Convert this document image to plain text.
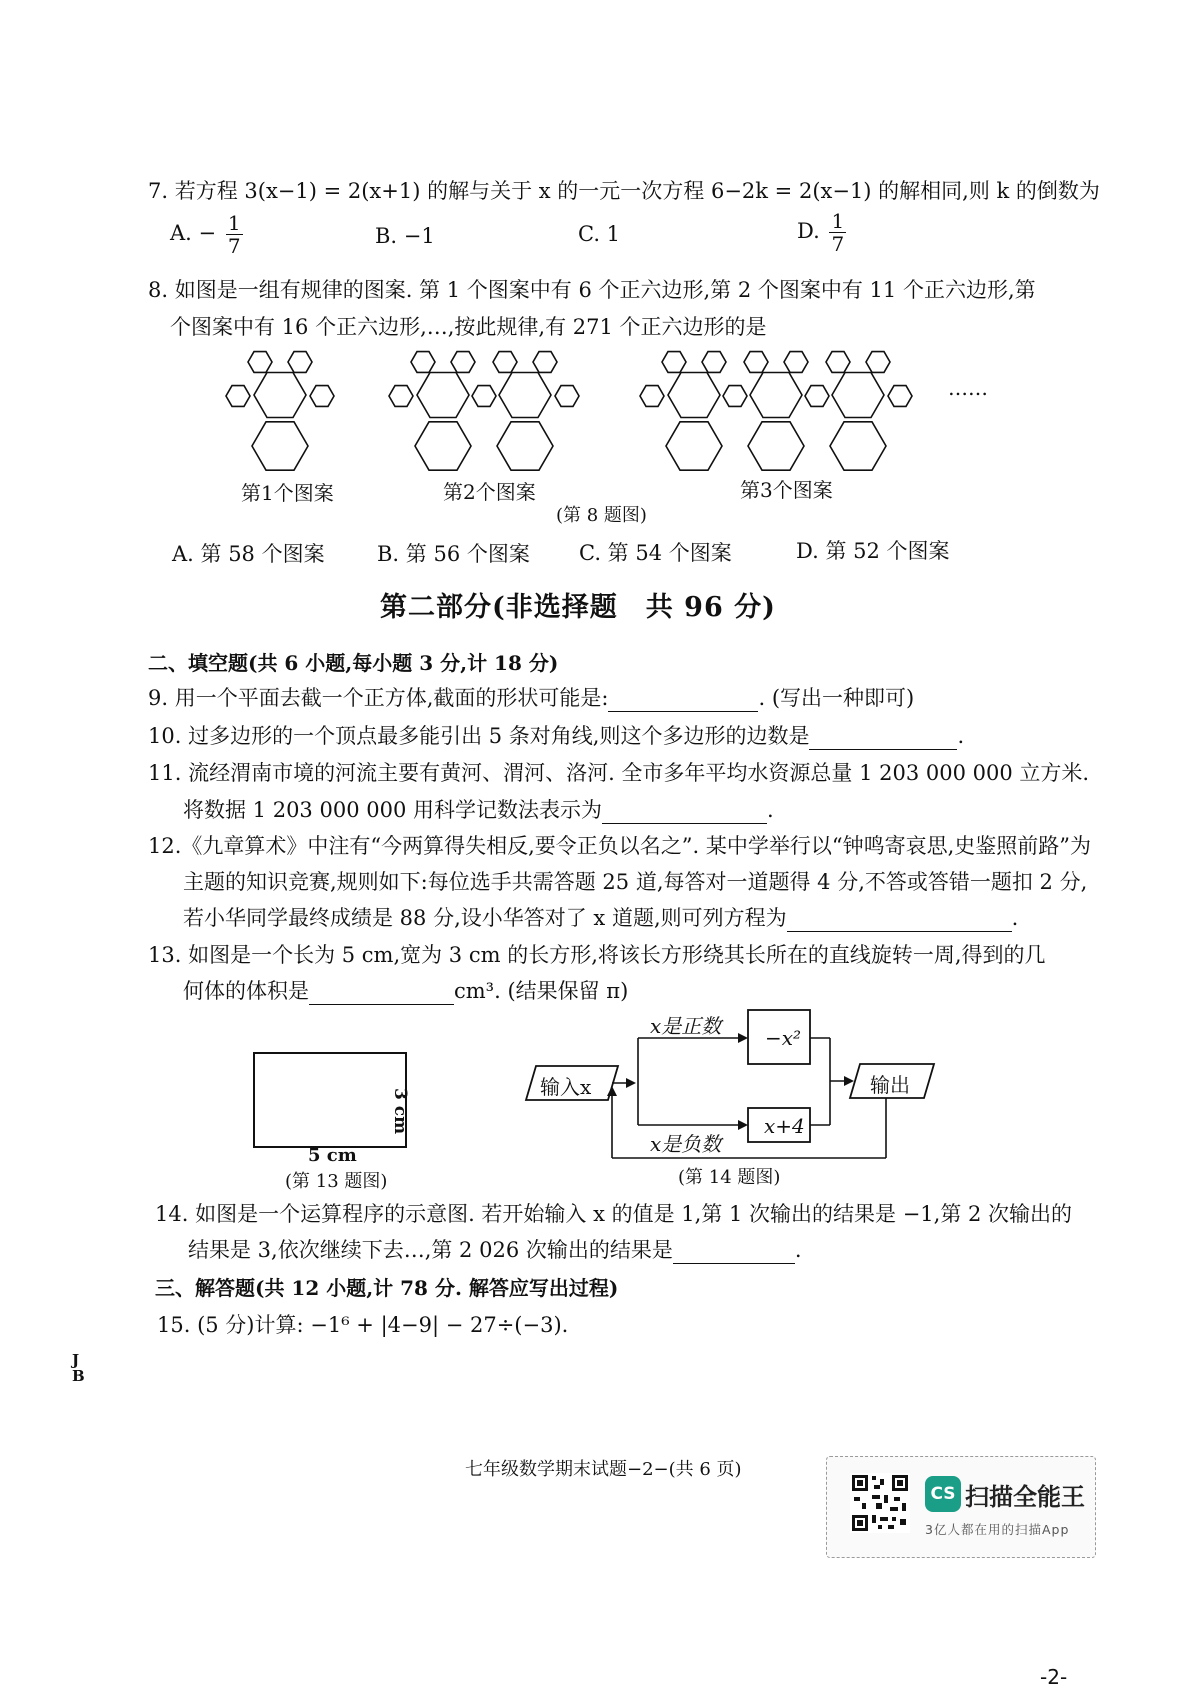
7. 若方程 3(x−1) = 2(x+1) 的解与关于 x 的一元一次方程 6−2k = 2(x−1) 的解相同,则 k 的倒数为
A. − $\frac{1}{7}$	B. −1	C. 1	D. $\frac{1}{7}$
8. 如图是一组有规律的图案. 第 1 个图案中有 6 个正六边形,第 2 个图案中有 11 个正六边形,第
个图案中有 16 个正六边形,…,按此规律,有 271 个正六边形的是
……
第1个图案	第2个图案	第3个图案
(第 8 题图)
A. 第 58 个图案 B. 第 56 个图案 C. 第 54 个图案	D. 第 52 个图案
第二部分(非选择题　共 96 分)
二、填空题(共 6 小题,每小题 3 分,计 18 分)
9. 用一个平面去截一个正方体,截面的形状可能是:	. (写出一种即可)
10. 过多边形的一个顶点最多能引出 5 条对角线,则这个多边形的边数是	.
11. 流经渭南市境的河流主要有黄河、渭河、洛河. 全市多年平均水资源总量 1 203 000 000 立方米.
将数据 1 203 000 000 用科学记数法表示为	.
12.《九章算术》中注有“今两算得失相反,要令正负以名之”. 某中学举行以“钟鸣寄哀思,史鉴照前路”为
主题的知识竞赛,规则如下:每位选手共需答题 25 道,每答对一道题得 4 分,不答或答错一题扣 2 分,
若小华同学最终成绩是 88 分,设小华答对了 x 道题,则可列方程为	.
13. 如图是一个长为 5 cm,宽为 3 cm 的长方形,将该长方形绕其长所在的直线旋转一周,得到的几
何体的体积是	cm³. (结果保留 π)
3 cm
5 cm
(第 13 题图)
输入x	输出
x是正数
x是负数
−x²
x+4
(第 14 题图)
14. 如图是一个运算程序的示意图. 若开始输入 x 的值是 1,第 1 次输出的结果是 −1,第 2 次输出的
结果是 3,依次继续下去…,第 2 026 次输出的结果是	.
三、解答题(共 12 小题,计 78 分. 解答应写出过程)
15. (5 分)计算: −1⁶ + |4−9| − 27÷(−3).
JB
七年级数学期末试题−2−(共 6 页)
CS 扫描全能王
3亿人都在用的扫描App
-2-
